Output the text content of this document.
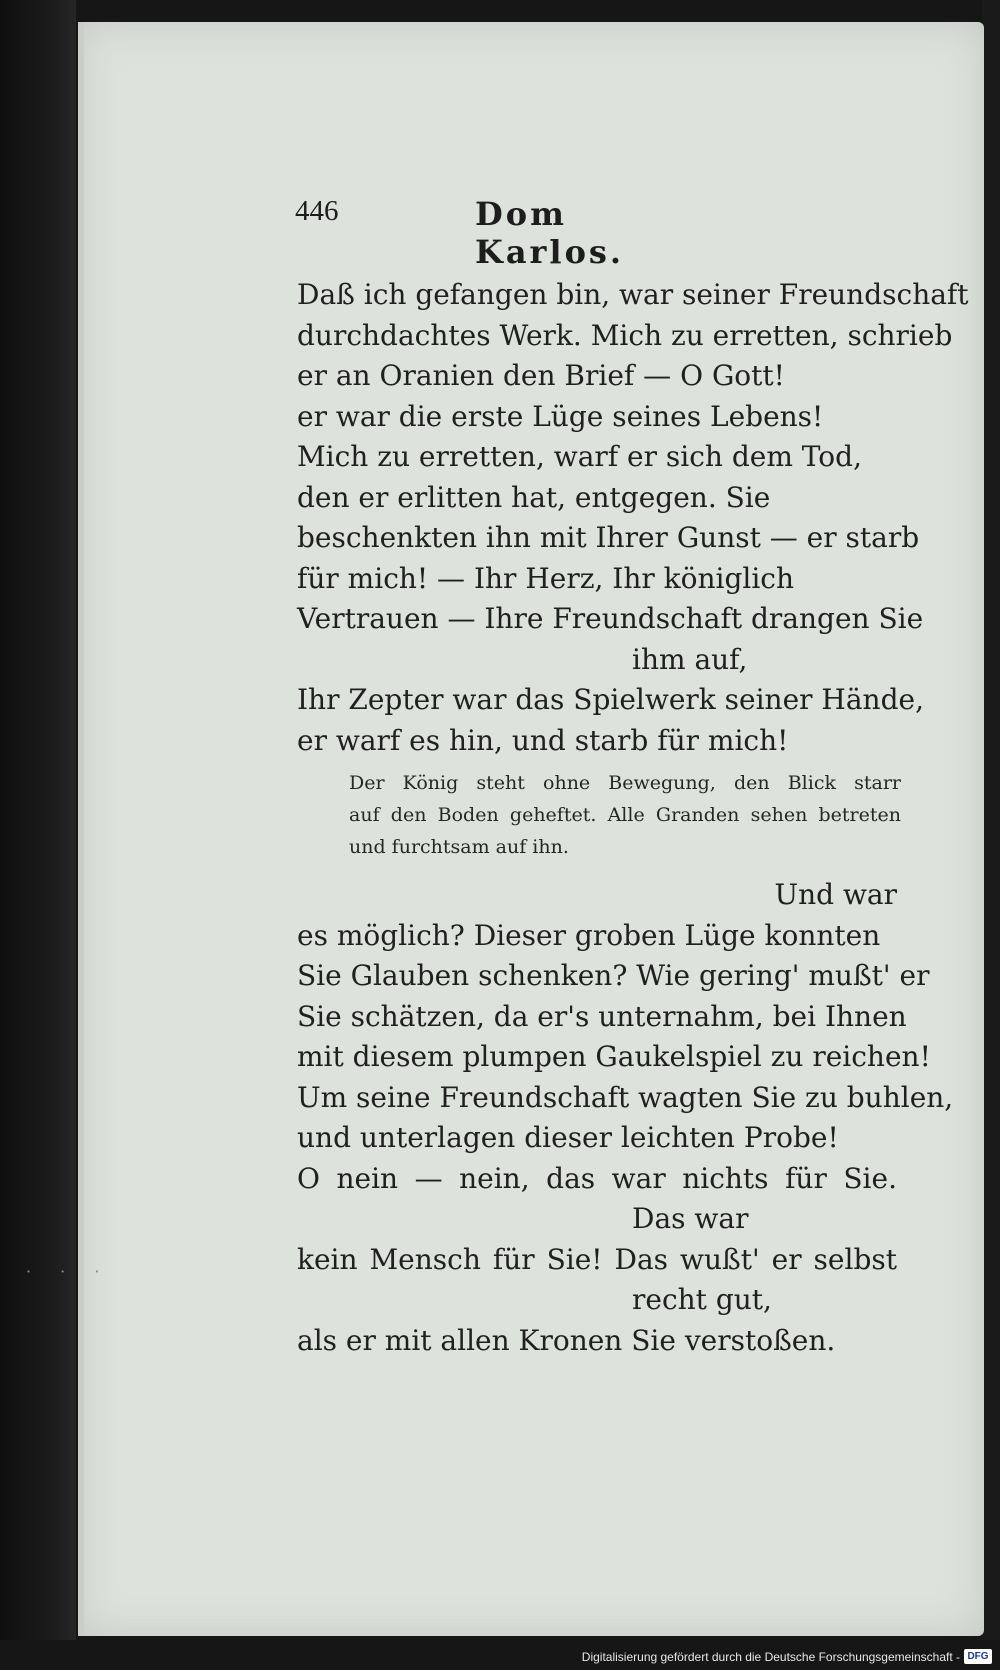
· · ·
446	Dom Karlos.
Daß ich gefangen bin, war seiner Freundschaft
durchdachtes Werk. Mich zu erretten, schrieb
er an Oranien den Brief — O Gott!
er war die erste Lüge seines Lebens!
Mich zu erretten, warf er sich dem Tod,
den er erlitten hat, entgegen. Sie
beschenkten ihn mit Ihrer Gunst — er starb
für mich! — Ihr Herz, Ihr königlich
Vertrauen — Ihre Freundschaft drangen Sie
ihm auf,
Ihr Zepter war das Spielwerk seiner Hände,
er warf es hin, und starb für mich!
Der König steht ohne Bewegung, den Blick starr
auf den Boden geheftet. Alle Granden sehen betreten
und furchtsam auf ihn.
Und war
es möglich? Dieser groben Lüge konnten
Sie Glauben schenken? Wie gering' mußt' er
Sie schätzen, da er's unternahm, bei Ihnen
mit diesem plumpen Gaukelspiel zu reichen!
Um seine Freundschaft wagten Sie zu buhlen,
und unterlagen dieser leichten Probe!
O nein — nein, das war nichts für Sie.
Das war
kein Mensch für Sie! Das wußt' er selbst
recht gut,
als er mit allen Kronen Sie verstoßen.
Digitalisierung gefördert durch die Deutsche Forschungsgemeinschaft - DFG
